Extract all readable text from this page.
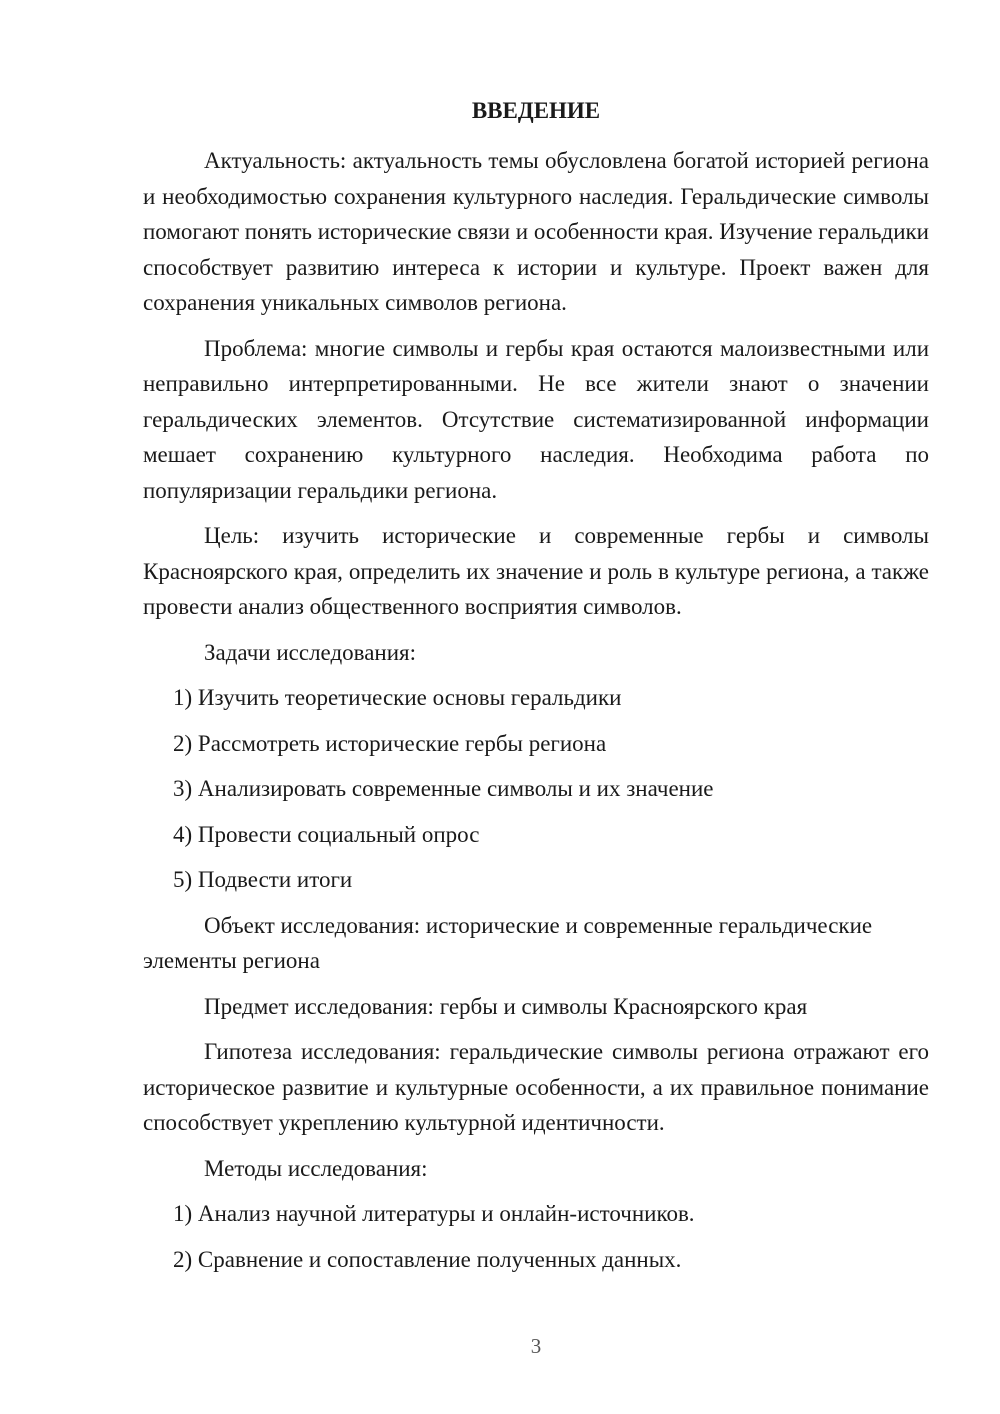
ВВЕДЕНИЕ

Актуальность: актуальность темы обусловлена богатой историей региона и необходимостью сохранения культурного наследия. Геральдические символы помогают понять исторические связи и особенности края. Изучение геральдики способствует развитию интереса к истории и культуре. Проект важен для сохранения уникальных символов региона.

Проблема: многие символы и гербы края остаются малоизвестными или неправильно интерпретированными. Не все жители знают о значении геральдических элементов. Отсутствие систематизированной информации мешает сохранению культурного наследия. Необходима работа по популяризации геральдики региона.

Цель: изучить исторические и современные гербы и символы Красноярского края, определить их значение и роль в культуре региона, а также провести анализ общественного восприятия символов.

Задачи исследования:

1) Изучить теоретические основы геральдики

2) Рассмотреть исторические гербы региона

3) Анализировать современные символы и их значение

4) Провести социальный опрос

5) Подвести итоги

Объект исследования: исторические и современные геральдические элементы региона

Предмет исследования: гербы и символы Красноярского края

Гипотеза исследования: геральдические символы региона отражают его историческое развитие и культурные особенности, а их правильное понимание способствует укреплению культурной идентичности.

Методы исследования:

1) Анализ научной литературы и онлайн-источников.

2) Сравнение и сопоставление полученных данных.

3
